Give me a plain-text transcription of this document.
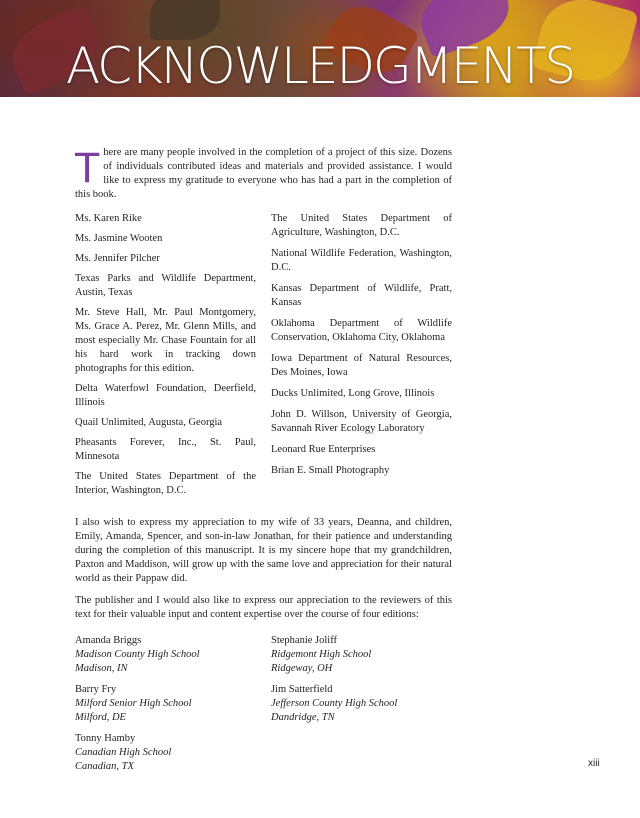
ACKNOWLEDGMENTS

There are many people involved in the completion of a project of this size. Dozens of individuals contributed ideas and materials and provided assistance. I would like to express my gratitude to everyone who has had a part in the completion of this book.

Ms. Karen Rike

Ms. Jasmine Wooten

Ms. Jennifer Pilcher

Texas Parks and Wildlife Department, Austin, Texas

Mr. Steve Hall, Mr. Paul Montgomery, Ms. Grace A. Perez, Mr. Glenn Mills, and most especially Mr. Chase Fountain for all his hard work in tracking down photographs for this edition.

Delta Waterfowl Foundation, Deerfield, Illinois

Quail Unlimited, Augusta, Georgia

Pheasants Forever, Inc., St. Paul, Minnesota

The United States Department of the Interior, Washington, D.C.

The United States Department of Agriculture, Washington, D.C.

National Wildlife Federation, Washington, D.C.

Kansas Department of Wildlife, Pratt, Kansas

Oklahoma Department of Wildlife Conservation, Oklahoma City, Oklahoma

Iowa Department of Natural Resources, Des Moines, Iowa

Ducks Unlimited, Long Grove, Illinois

John D. Willson, University of Georgia, Savannah River Ecology Laboratory

Leonard Rue Enterprises

Brian E. Small Photography

I also wish to express my appreciation to my wife of 33 years, Deanna, and children, Emily, Amanda, Spencer, and son-in-law Jonathan, for their patience and understanding during the completion of this manuscript. It is my sincere hope that my grandchildren, Paxton and Maddison, will grow up with the same love and appreciation for their natural world as their Pappaw did.

The publisher and I would also like to express our appreciation to the reviewers of this text for their valuable input and content expertise over the course of four editions:

Amanda Briggs
Madison County High School
Madison, IN
Barry Fry
Milford Senior High School
Milford, DE
Tonny Hamby
Canadian High School
Canadian, TX
Stephanie Joliff
Ridgemont High School
Ridgeway, OH
Jim Satterfield
Jefferson County High School
Dandridge, TN
xiii
